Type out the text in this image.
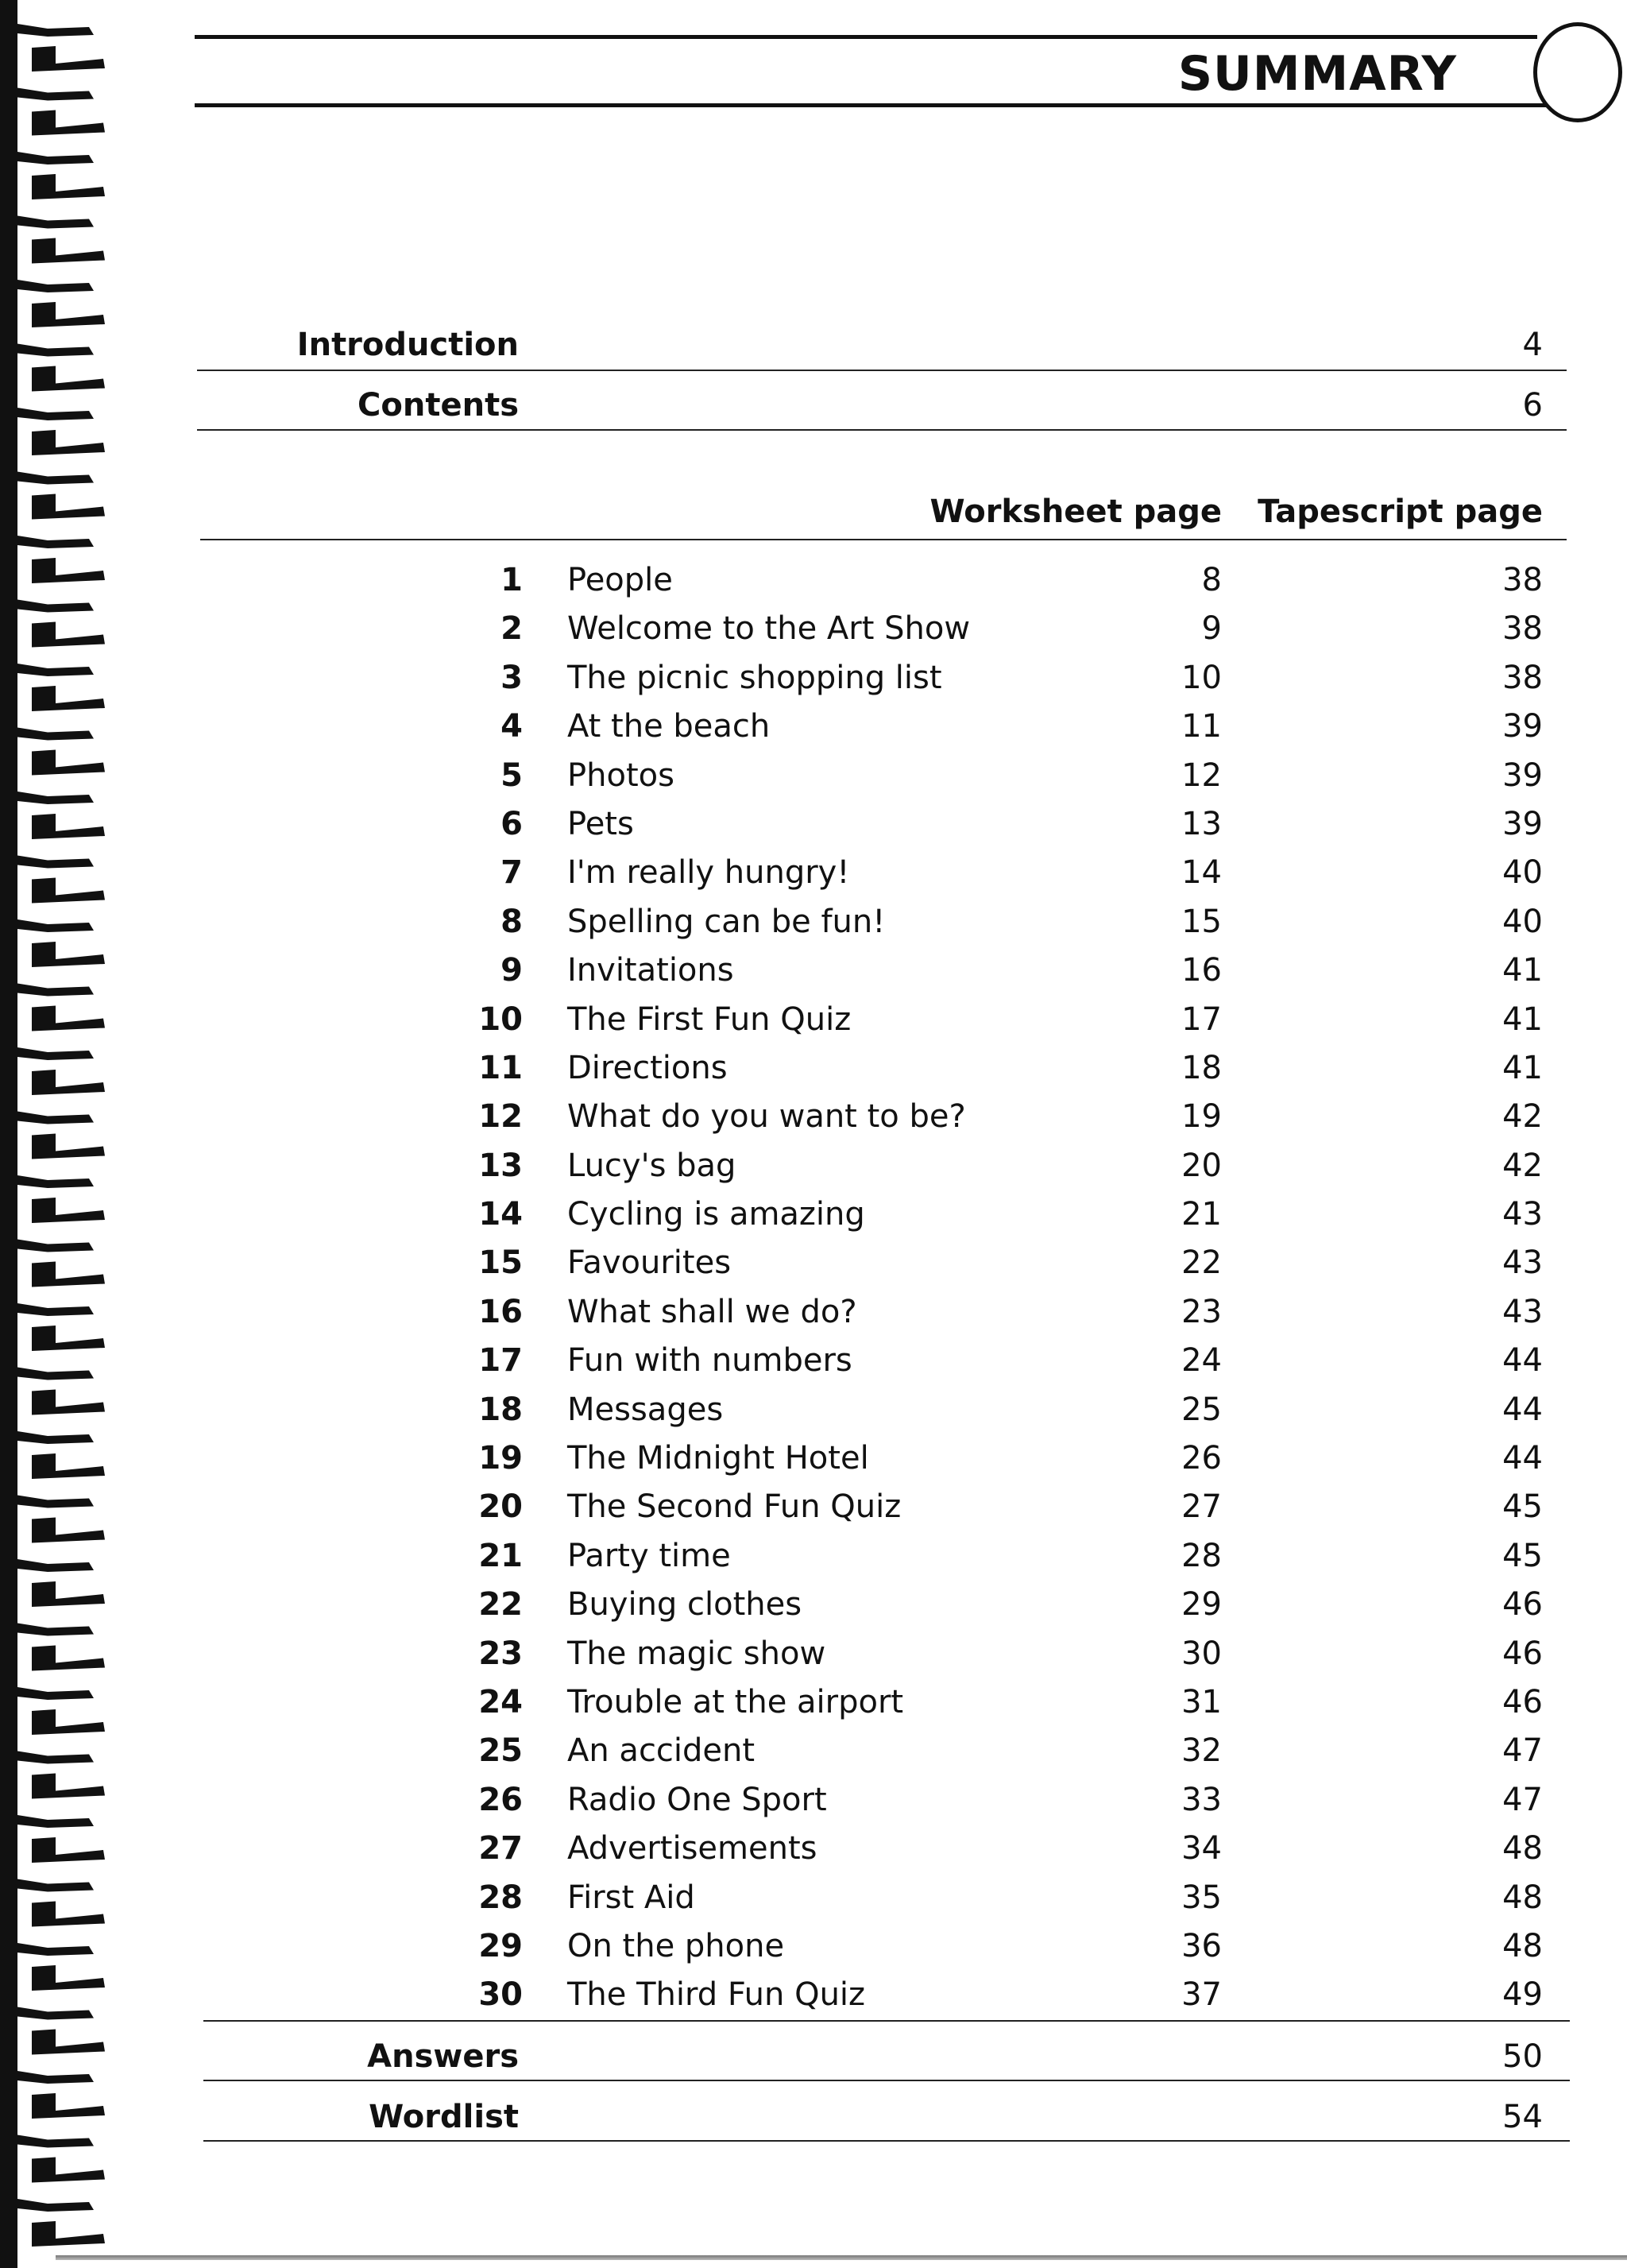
SUMMARY
Introduction	4
Contents	6
Worksheet page Tapescript page
1 People	8	38
2 Welcome to the Art Show	9	38
3 The picnic shopping list	10	38
4 At the beach	11	39
5 Photos	12	39
6 Pets	13	39
7 I'm really hungry!	14	40
8 Spelling can be fun!	15	40
9 Invitations	16	41
10 The First Fun Quiz	17	41
11 Directions	18	41
12 What do you want to be?	19	42
13 Lucy's bag	20	42
14 Cycling is amazing	21	43
15 Favourites	22	43
16 What shall we do?	23	43
17 Fun with numbers	24	44
18 Messages	25	44
19 The Midnight Hotel	26	44
20 The Second Fun Quiz	27	45
21 Party time	28	45
22 Buying clothes	29	46
23 The magic show	30	46
24 Trouble at the airport	31	46
25 An accident	32	47
26 Radio One Sport	33	47
27 Advertisements	34	48
28 First Aid	35	48
29 On the phone	36	48
30 The Third Fun Quiz	37	49
Answers	50
Wordlist	54
